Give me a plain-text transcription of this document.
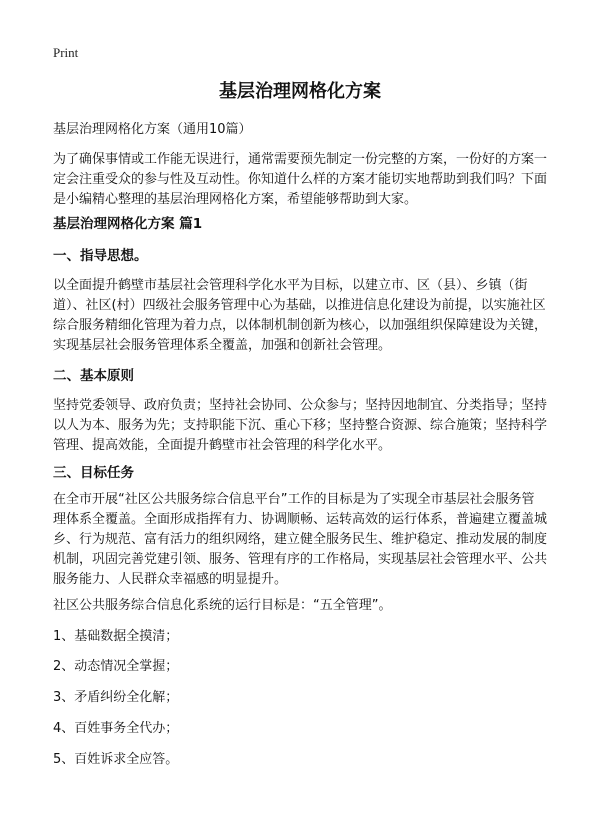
Print
基层治理网格化方案

基层治理网格化方案（通用10篇）

为了确保事情或工作能无误进行，通常需要预先制定一份完整的方案，一份好的方案一定会注重受众的参与性及互动性。你知道什么样的方案才能切实地帮助到我们吗？下面是小编精心整理的基层治理网格化方案，希望能够帮助到大家。

基层治理网格化方案 篇1

一、指导思想。

以全面提升鹤壁市基层社会管理科学化水平为目标，以建立市、区（县）、乡镇（街道）、社区(村）四级社会服务管理中心为基础，以推进信息化建设为前提，以实施社区综合服务精细化管理为着力点，以体制机制创新为核心，以加强组织保障建设为关键，实现基层社会服务管理体系全覆盖，加强和创新社会管理。

二、基本原则

坚持党委领导、政府负责；坚持社会协同、公众参与；坚持因地制宜、分类指导；坚持以人为本、服务为先；支持职能下沉、重心下移；坚持整合资源、综合施策；坚持科学管理、提高效能，全面提升鹤壁市社会管理的科学化水平。

三、目标任务

在全市开展“社区公共服务综合信息平台”工作的目标是为了实现全市基层社会服务管理体系全覆盖。全面形成指挥有力、协调顺畅、运转高效的运行体系，普遍建立覆盖城乡、行为规范、富有活力的组织网络，建立健全服务民生、维护稳定、推动发展的制度机制，巩固完善党建引领、服务、管理有序的工作格局，实现基层社会管理水平、公共服务能力、人民群众幸福感的明显提升。

社区公共服务综合信息化系统的运行目标是：“五全管理”。

1、基础数据全摸清；

2、动态情况全掌握；

3、矛盾纠纷全化解；

4、百姓事务全代办；

5、百姓诉求全应答。
